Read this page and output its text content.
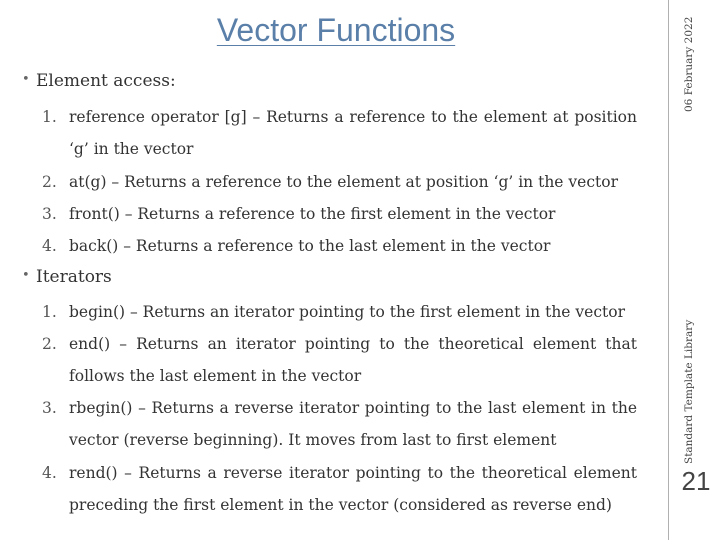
Vector Functions	06 February 2022
Standard Template Library
21
• Element access:
1. reference operator [g] – Returns a reference to the element at position
‘g’ in the vector
2. at(g) – Returns a reference to the element at position ‘g’ in the vector
3. front() – Returns a reference to the first element in the vector
4. back() – Returns a reference to the last element in the vector
• Iterators
1. begin() – Returns an iterator pointing to the first element in the vector
2. end() – Returns an iterator pointing to the theoretical element that
follows the last element in the vector
3. rbegin() – Returns a reverse iterator pointing to the last element in the
vector (reverse beginning). It moves from last to first element
4. rend() – Returns a reverse iterator pointing to the theoretical element
preceding the first element in the vector (considered as reverse end)
